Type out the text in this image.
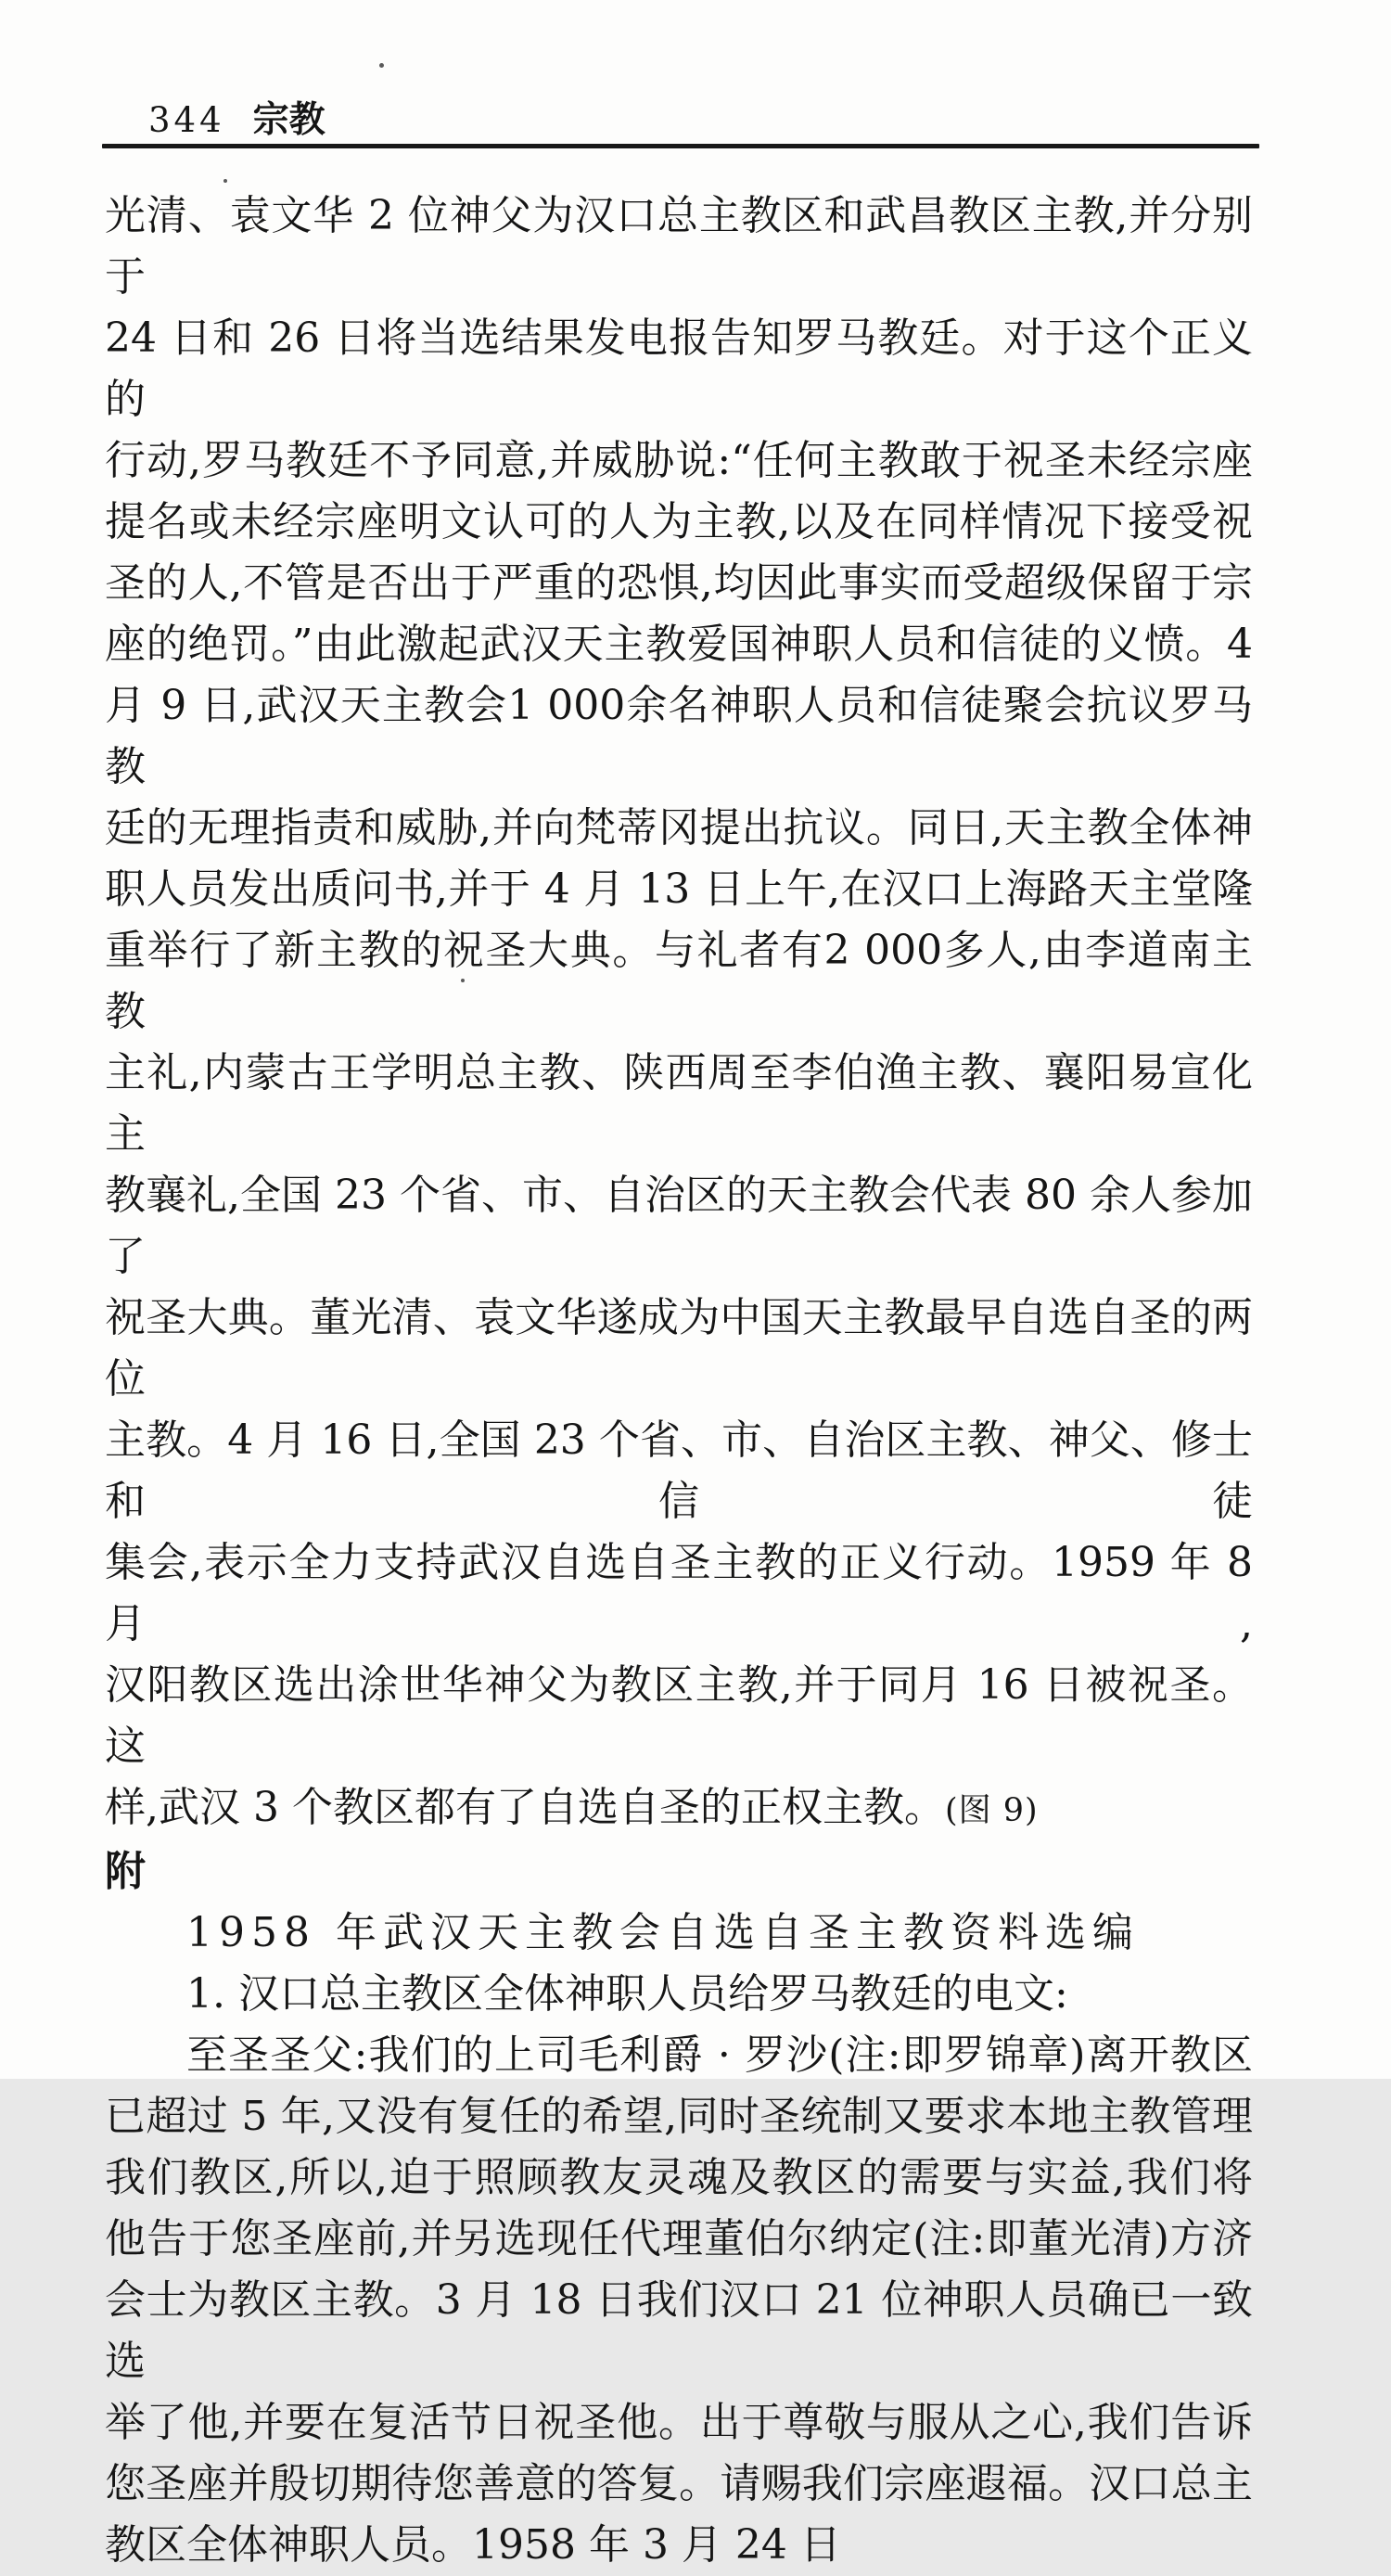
344 宗教
光清、袁文华 2 位神父为汉口总主教区和武昌教区主教,并分别于
24 日和 26 日将当选结果发电报告知罗马教廷。对于这个正义的
行动,罗马教廷不予同意,并威胁说:“任何主教敢于祝圣未经宗座
提名或未经宗座明文认可的人为主教,以及在同样情况下接受祝
圣的人,不管是否出于严重的恐惧,均因此事实而受超级保留于宗
座的绝罚。”由此激起武汉天主教爱国神职人员和信徒的义愤。4
月 9 日,武汉天主教会1 000余名神职人员和信徒聚会抗议罗马教
廷的无理指责和威胁,并向梵蒂冈提出抗议。同日,天主教全体神
职人员发出质问书,并于 4 月 13 日上午,在汉口上海路天主堂隆
重举行了新主教的祝圣大典。与礼者有2 000多人,由李道南主教
主礼,内蒙古王学明总主教、陕西周至李伯渔主教、襄阳易宣化主
教襄礼,全国 23 个省、市、自治区的天主教会代表 80 余人参加了
祝圣大典。董光清、袁文华遂成为中国天主教最早自选自圣的两位
主教。4 月 16 日,全国 23 个省、市、自治区主教、神父、修士和信徒
集会,表示全力支持武汉自选自圣主教的正义行动。1959 年 8 月,
汉阳教区选出涂世华神父为教区主教,并于同月 16 日被祝圣。这
样,武汉 3 个教区都有了自选自圣的正权主教。(图 9)
附
1958 年武汉天主教会自选自圣主教资料选编
1. 汉口总主教区全体神职人员给罗马教廷的电文:
至圣圣父:我们的上司毛利爵 · 罗沙(注:即罗锦章)离开教区
已超过 5 年,又没有复任的希望,同时圣统制又要求本地主教管理
我们教区,所以,迫于照顾教友灵魂及教区的需要与实益,我们将
他告于您圣座前,并另选现任代理董伯尔纳定(注:即董光清)方济
会士为教区主教。3 月 18 日我们汉口 21 位神职人员确已一致选
举了他,并要在复活节日祝圣他。出于尊敬与服从之心,我们告诉
您圣座并殷切期待您善意的答复。请赐我们宗座遐福。汉口总主
教区全体神职人员。1958 年 3 月 24 日
